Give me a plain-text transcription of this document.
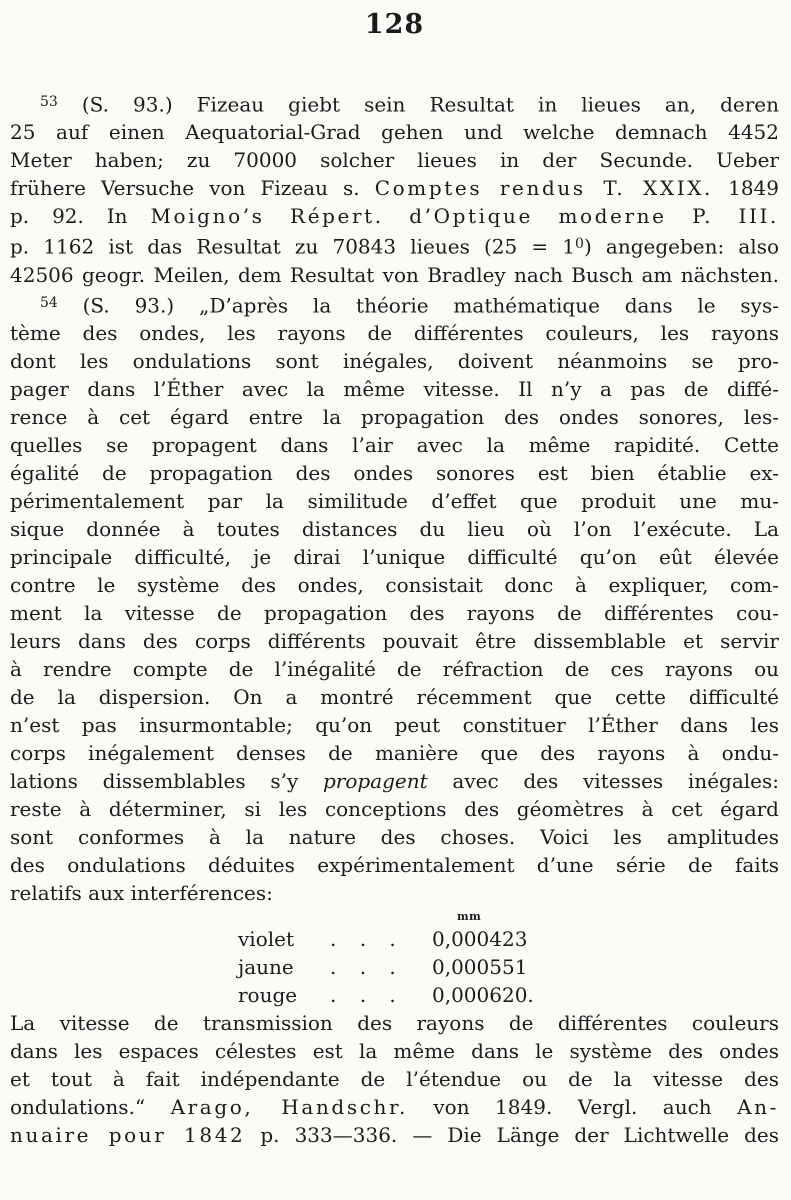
128
$^{53}$ (S. 93.) Fizeau giebt sein Resultat in lieues an, deren
25 auf einen Aequatorial-Grad gehen und welche demnach 4452
Meter haben; zu 70000 solcher lieues in der Secunde. Ueber
frühere Versuche von Fizeau s. Comptes rendus T. XXIX. 1849
p. 92. In Moigno’s Répert. d’Optique moderne P. III.
p. 1162 ist das Resultat zu 70843 lieues $(25 = 1^0)$ angegeben: also
42506 geogr. Meilen, dem Resultat von Bradley nach Busch am nächsten.
$^{54}$ (S. 93.) „D’après la théorie mathématique dans le sys-
tème des ondes, les rayons de différentes couleurs, les rayons
dont les ondulations sont inégales, doivent néanmoins se pro-
pager dans l’Éther avec la même vitesse. Il n’y a pas de diffé-
rence à cet égard entre la propagation des ondes sonores, les-
quelles se propagent dans l’air avec la même rapidité. Cette
égalité de propagation des ondes sonores est bien établie ex-
périmentalement par la similitude d’effet que produit une mu-
sique donnée à toutes distances du lieu où l’on l’exécute. La
principale difficulté, je dirai l’unique difficulté qu’on eût élevée
contre le système des ondes, consistait donc à expliquer, com-
ment la vitesse de propagation des rayons de différentes cou-
leurs dans des corps différents pouvait être dissemblable et servir
à rendre compte de l’inégalité de réfraction de ces rayons ou
de la dispersion. On a montré récemment que cette difficulté
n’est pas insurmontable; qu’on peut constituer l’Éther dans les
corps inégalement denses de manière que des rayons à ondu-
lations dissemblables s’y propagent avec des vitesses inégales:
reste à déterminer, si les conceptions des géomètres à cet égard
sont conformes à la nature des choses. Voici les amplitudes
des ondulations déduites expérimentalement d’une série de faits
relatifs aux interférences:
mm
violet	. . .	0,000423
jaune	. . .	0,000551
rouge	. . .	0,000620.
La vitesse de transmission des rayons de différentes couleurs
dans les espaces célestes est la même dans le système des ondes
et tout à fait indépendante de l’étendue ou de la vitesse des
ondulations.“ Arago, Handschr. von 1849. Vergl. auch An-
nuaire pour 1842 p. 333—336. — Die Länge der Lichtwelle des
